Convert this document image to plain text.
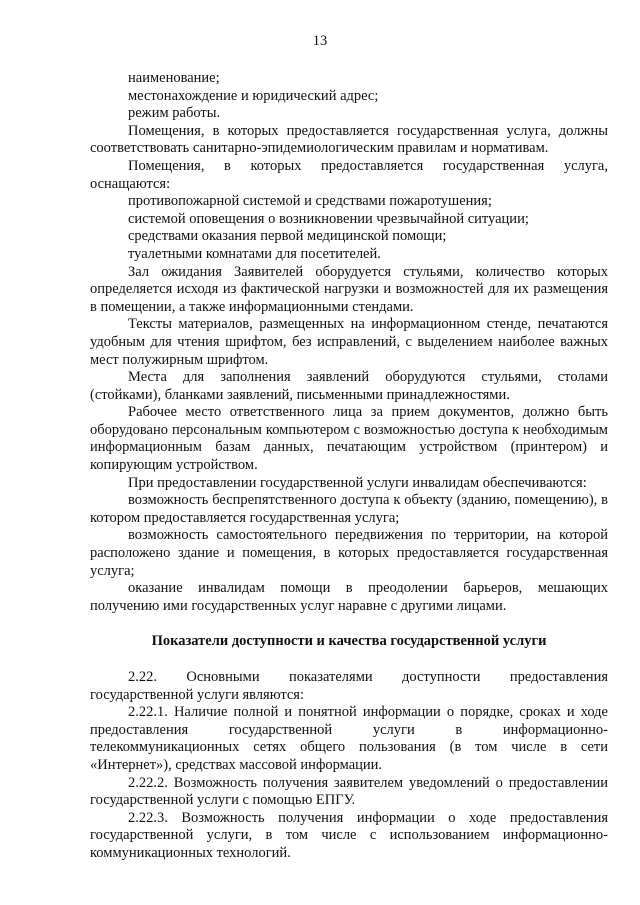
13

наименование;

местонахождение и юридический адрес;

режим работы.

Помещения, в которых предоставляется государственная услуга, должны соответствовать санитарно-эпидемиологическим правилам и нормативам.

Помещения, в которых предоставляется государственная услуга, оснащаются:

противопожарной системой и средствами пожаротушения;

системой оповещения о возникновении чрезвычайной ситуации;

средствами оказания первой медицинской помощи;

туалетными комнатами для посетителей.

Зал ожидания Заявителей оборудуется стульями, количество которых определяется исходя из фактической нагрузки и возможностей для их размещения в помещении, а также информационными стендами.

Тексты материалов, размещенных на информационном стенде, печатаются удобным для чтения шрифтом, без исправлений, с выделением наиболее важных мест полужирным шрифтом.

Места для заполнения заявлений оборудуются стульями, столами (стойками), бланками заявлений, письменными принадлежностями.

Рабочее место ответственного лица за прием документов, должно быть оборудовано персональным компьютером с возможностью доступа к необходимым информационным базам данных, печатающим устройством (принтером) и копирующим устройством.

При предоставлении государственной услуги инвалидам обеспечиваются:

возможность беспрепятственного доступа к объекту (зданию, помещению), в котором предоставляется государственная услуга;

возможность самостоятельного передвижения по территории, на которой расположено здание и помещения, в которых предоставляется государственная услуга;

оказание инвалидам помощи в преодолении барьеров, мешающих получению ими государственных услуг наравне с другими лицами.

Показатели доступности и качества государственной услуги

2.22. Основными показателями доступности предоставления государственной услуги являются:

2.22.1. Наличие полной и понятной информации о порядке, сроках и ходе предоставления государственной услуги в информационно-телекоммуникационных сетях общего пользования (в том числе в сети «Интернет»), средствах массовой информации.

2.22.2. Возможность получения заявителем уведомлений о предоставлении государственной услуги с помощью ЕПГУ.

2.22.3. Возможность получения информации о ходе предоставления государственной услуги, в том числе с использованием информационно-коммуникационных технологий.
